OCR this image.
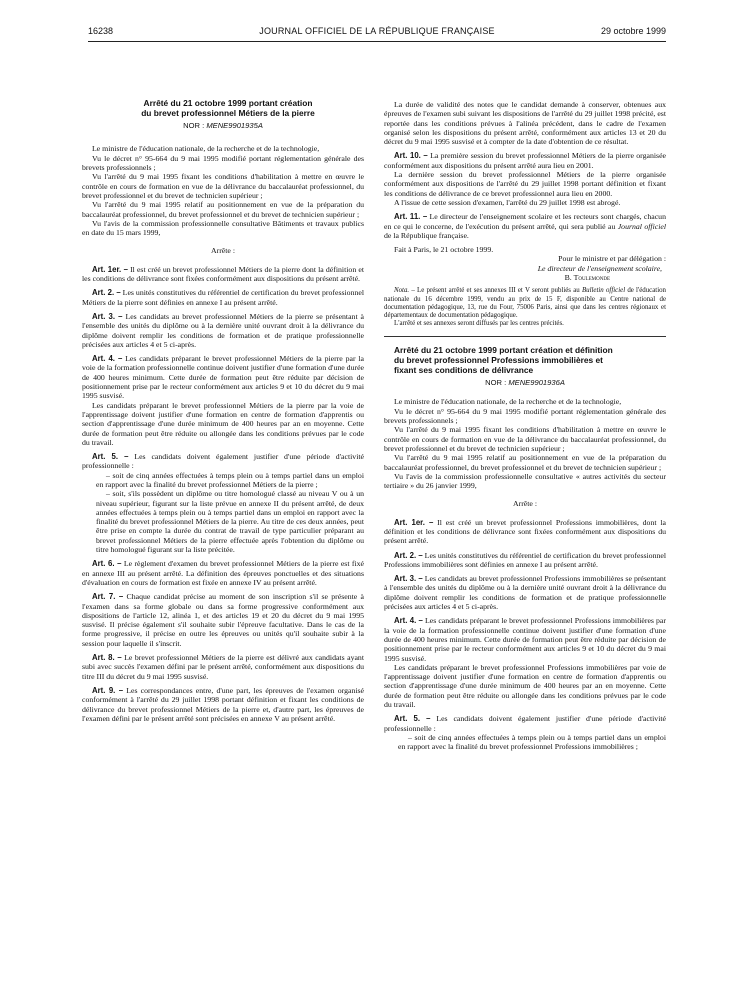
16238	JOURNAL OFFICIEL DE LA RÉPUBLIQUE FRANÇAISE	29 octobre 1999

Arrêté du 21 octobre 1999 portant création

du brevet professionnel Métiers de la pierre

NOR : MENE9901935A

Le ministre de l'éducation nationale, de la recherche et de la technologie,

Vu le décret n° 95-664 du 9 mai 1995 modifié portant réglementation générale des brevets professionnels ;

Vu l'arrêté du 9 mai 1995 fixant les conditions d'habilitation à mettre en œuvre le contrôle en cours de formation en vue de la délivrance du baccalauréat professionnel, du brevet professionnel et du brevet de technicien supérieur ;

Vu l'arrêté du 9 mai 1995 relatif au positionnement en vue de la préparation du baccalauréat professionnel, du brevet professionnel et du brevet de technicien supérieur ;

Vu l'avis de la commission professionnelle consultative Bâtiments et travaux publics en date du 15 mars 1999,

Arrête :

Art. 1er. – Il est créé un brevet professionnel Métiers de la pierre dont la définition et les conditions de délivrance sont fixées conformément aux dispositions du présent arrêté.

Art. 2. – Les unités constitutives du référentiel de certification du brevet professionnel Métiers de la pierre sont définies en annexe I au présent arrêté.

Art. 3. – Les candidats au brevet professionnel Métiers de la pierre se présentant à l'ensemble des unités du diplôme ou à la dernière unité ouvrant droit à la délivrance du diplôme doivent remplir les conditions de formation et de pratique professionnelle précisées aux articles 4 et 5 ci-après.

Art. 4. – Les candidats préparant le brevet professionnel Métiers de la pierre par la voie de la formation professionnelle continue doivent justifier d'une formation d'une durée de 400 heures minimum. Cette durée de formation peut être réduite par décision de positionnement prise par le recteur conformément aux articles 9 et 10 du décret du 9 mai 1995 susvisé.

Les candidats préparant le brevet professionnel Métiers de la pierre par la voie de l'apprentissage doivent justifier d'une formation en centre de formation d'apprentis ou section d'apprentissage d'une durée minimum de 400 heures par an en moyenne. Cette durée de formation peut être réduite ou allongée dans les conditions prévues par le code du travail.

Art. 5. – Les candidats doivent également justifier d'une période d'activité professionnelle :

– soit de cinq années effectuées à temps plein ou à temps partiel dans un emploi en rapport avec la finalité du brevet professionnel Métiers de la pierre ;

– soit, s'ils possèdent un diplôme ou titre homologué classé au niveau V ou à un niveau supérieur, figurant sur la liste prévue en annexe II du présent arrêté, de deux années effectuées à temps plein ou à temps partiel dans un emploi en rapport avec la finalité du brevet professionnel Métiers de la pierre. Au titre de ces deux années, peut être prise en compte la durée du contrat de travail de type particulier préparant au brevet professionnel Métiers de la pierre effectuée après l'obtention du diplôme ou titre homologué figurant sur la liste précitée.

Art. 6. – Le règlement d'examen du brevet professionnel Métiers de la pierre est fixé en annexe III au présent arrêté. La définition des épreuves ponctuelles et des situations d'évaluation en cours de formation est fixée en annexe IV au présent arrêté.

Art. 7. – Chaque candidat précise au moment de son inscription s'il se présente à l'examen dans sa forme globale ou dans sa forme progressive conformément aux dispositions de l'article 12, alinéa 1, et des articles 19 et 20 du décret du 9 mai 1995 susvisé. Il précise également s'il souhaite subir l'épreuve facultative. Dans le cas de la forme progressive, il précise en outre les épreuves ou unités qu'il souhaite subir à la session pour laquelle il s'inscrit.

Art. 8. – Le brevet professionnel Métiers de la pierre est délivré aux candidats ayant subi avec succès l'examen défini par le présent arrêté, conformément aux dispositions du titre III du décret du 9 mai 1995 susvisé.

Art. 9. – Les correspondances entre, d'une part, les épreuves de l'examen organisé conformément à l'arrêté du 29 juillet 1998 portant définition et fixant les conditions de délivrance du brevet professionnel Métiers de la pierre et, d'autre part, les épreuves de l'examen défini par le présent arrêté sont précisées en annexe V au présent arrêté.

La durée de validité des notes que le candidat demande à conserver, obtenues aux épreuves de l'examen subi suivant les dispositions de l'arrêté du 29 juillet 1998 précité, est reportée dans les conditions prévues à l'alinéa précédent, dans le cadre de l'examen organisé selon les dispositions du présent arrêté, conformément aux articles 13 et 20 du décret du 9 mai 1995 susvisé et à compter de la date d'obtention de ce résultat.

Art. 10. – La première session du brevet professionnel Métiers de la pierre organisée conformément aux dispositions du présent arrêté aura lieu en 2001.

La dernière session du brevet professionnel Métiers de la pierre organisée conformément aux dispositions de l'arrêté du 29 juillet 1998 portant définition et fixant les conditions de délivrance de ce brevet professionnel aura lieu en 2000.

A l'issue de cette session d'examen, l'arrêté du 29 juillet 1998 est abrogé.

Art. 11. – Le directeur de l'enseignement scolaire et les recteurs sont chargés, chacun en ce qui le concerne, de l'exécution du présent arrêté, qui sera publié au Journal officiel de la République française.

Fait à Paris, le 21 octobre 1999.

Pour le ministre et par délégation :

Le directeur de l'enseignement scolaire,

B. Toulemonde

Nota. – Le présent arrêté et ses annexes III et V seront publiés au Bulletin officiel de l'éducation nationale du 16 décembre 1999, vendu au prix de 15 F, disponible au Centre national de documentation pédagogique, 13, rue du Four, 75006 Paris, ainsi que dans les centres régionaux et départementaux de documentation pédagogique.

L'arrêté et ses annexes seront diffusés par les centres précités.

Arrêté du 21 octobre 1999 portant création et définition

du brevet professionnel Professions immobilières et

fixant ses conditions de délivrance

NOR : MENE9901936A

Le ministre de l'éducation nationale, de la recherche et de la technologie,

Vu le décret n° 95-664 du 9 mai 1995 modifié portant réglementation générale des brevets professionnels ;

Vu l'arrêté du 9 mai 1995 fixant les conditions d'habilitation à mettre en œuvre le contrôle en cours de formation en vue de la délivrance du baccalauréat professionnel, du brevet professionnel et du brevet de technicien supérieur ;

Vu l'arrêté du 9 mai 1995 relatif au positionnement en vue de la préparation du baccalauréat professionnel, du brevet professionnel et du brevet de technicien supérieur ;

Vu l'avis de la commission professionnelle consultative « autres activités du secteur tertiaire » du 26 janvier 1999,

Arrête :

Art. 1er. – Il est créé un brevet professionnel Professions immobilières, dont la définition et les conditions de délivrance sont fixées conformément aux dispositions du présent arrêté.

Art. 2. – Les unités constitutives du référentiel de certification du brevet professionnel Professions immobilières sont définies en annexe I au présent arrêté.

Art. 3. – Les candidats au brevet professionnel Professions immobilières se présentant à l'ensemble des unités du diplôme ou à la dernière unité ouvrant droit à la délivrance du diplôme doivent remplir les conditions de formation et de pratique professionnelle précisées aux articles 4 et 5 ci-après.

Art. 4. – Les candidats préparant le brevet professionnel Professions immobilières par la voie de la formation professionnelle continue doivent justifier d'une formation d'une durée de 400 heures minimum. Cette durée de formation peut être réduite par décision de positionnement prise par le recteur conformément aux articles 9 et 10 du décret du 9 mai 1995 susvisé.

Les candidats préparant le brevet professionnel Professions immobilières par voie de l'apprentissage doivent justifier d'une formation en centre de formation d'apprentis ou section d'apprentissage d'une durée minimum de 400 heures par an en moyenne. Cette durée de formation peut être réduite ou allongée dans les conditions prévues par le code du travail.

Art. 5. – Les candidats doivent également justifier d'une période d'activité professionnelle :

– soit de cinq années effectuées à temps plein ou à temps partiel dans un emploi en rapport avec la finalité du brevet professionnel Professions immobilières ;
